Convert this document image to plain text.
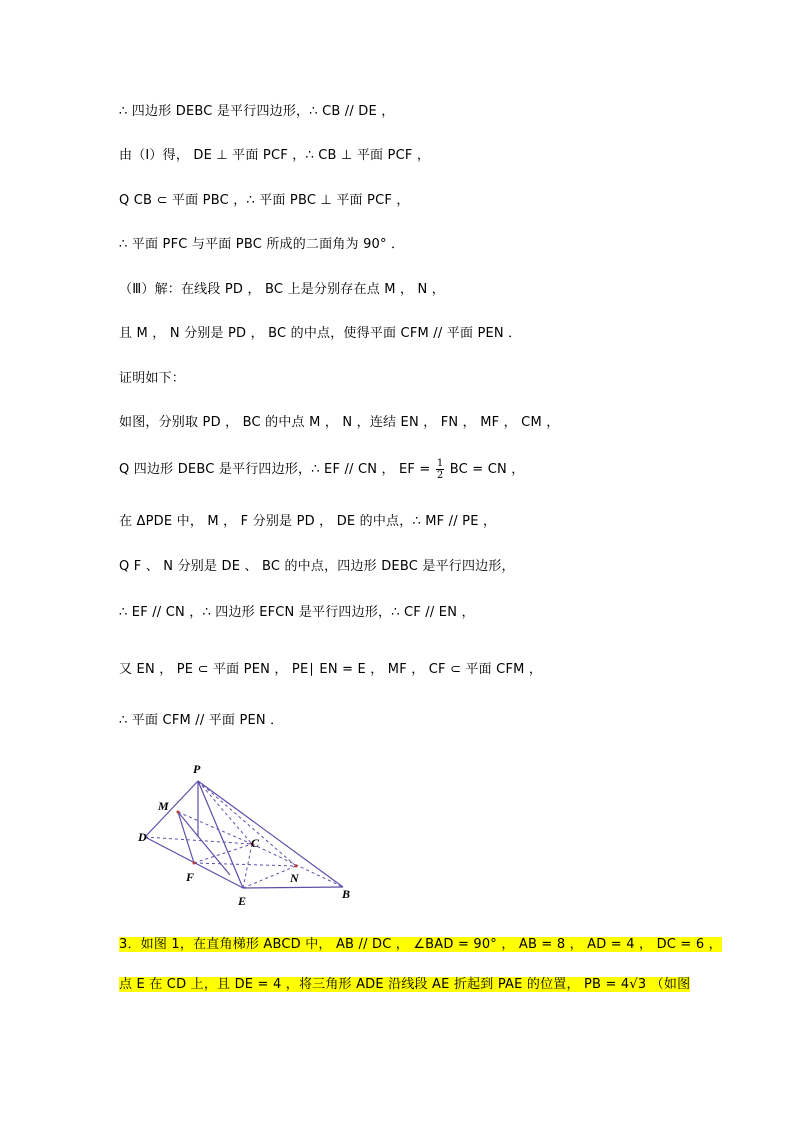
∴ 四边形 DEBC 是平行四边形，∴ CB // DE ，
由（Ⅰ）得， DE ⊥ 平面 PCF ，∴ CB ⊥ 平面 PCF ，
Q CB ⊂ 平面 PBC ，∴ 平面 PBC ⊥ 平面 PCF ，
∴ 平面 PFC 与平面 PBC 所成的二面角为 90° ．
（Ⅲ）解：在线段 PD ， BC 上是分别存在点 M ， N ，
且 M ， N 分别是 PD ， BC 的中点，使得平面 CFM // 平面 PEN ．
证明如下：
如图，分别取 PD ， BC 的中点 M ， N ，连结 EN ， FN ， MF ， CM ，
Q 四边形 DEBC 是平行四边形，∴ EF // CN ， EF = $\frac{1}{2}$ BC = CN ，
在 ΔPDE 中， M ， F 分别是 PD ， DE 的中点，∴ MF // PE ，
Q F 、 N 分别是 DE 、 BC 的中点，四边形 DEBC 是平行四边形，
∴ EF // CN ，∴ 四边形 EFCN 是平行四边形，∴ CF // EN ，
又 EN ， PE ⊂ 平面 PEN ， PE∣ EN = E ， MF ， CF ⊂ 平面 CFM ，
∴ 平面 CFM // 平面 PEN ．
P
M
D	C
F	N
E	B
3．如图 1，在直角梯形 ABCD 中， AB // DC ， ∠BAD = 90° ， AB = 8 ， AD = 4 ， DC = 6 ，
点 E 在 CD 上，且 DE = 4 ，将三角形 ADE 沿线段 AE 折起到 PAE 的位置， PB = 4√3 （如图
